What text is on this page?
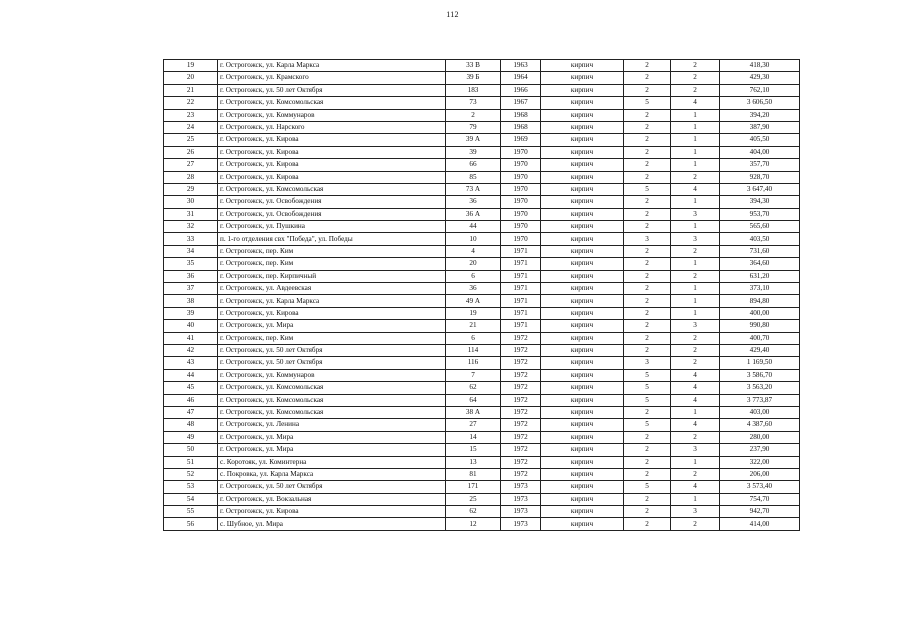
112
19	г. Острогожск, ул. Карла Маркса	33 В	1963	кирпич	2	2	418,30
20	г. Острогожск, ул. Крамского	39 Б	1964	кирпич	2	2	429,30
21	г. Острогожск, ул. 50 лет Октября	183	1966	кирпич	2	2	762,10
22	г. Острогожск, ул. Комсомольская	73	1967	кирпич	5	4	3 606,50
23	г. Острогожск, ул. Коммунаров	2	1968	кирпич	2	1	394,20
24	г. Острогожск, ул. Нарского	79	1968	кирпич	2	1	387,90
25	г. Острогожск, ул. Кирова	39 А	1969	кирпич	2	1	405,50
26	г. Острогожск, ул. Кирова	39	1970	кирпич	2	1	404,00
27	г. Острогожск, ул. Кирова	66	1970	кирпич	2	1	357,70
28	г. Острогожск, ул. Кирова	85	1970	кирпич	2	2	928,70
29	г. Острогожск, ул. Комсомольская	73 А	1970	кирпич	5	4	3 647,40
30	г. Острогожск, ул. Освобождения	36	1970	кирпич	2	1	394,30
31	г. Острогожск, ул. Освобождения	36 А	1970	кирпич	2	3	953,70
32	г. Острогожск, ул. Пушкина	44	1970	кирпич	2	1	565,60
33	п. 1-го отделения свх "Победа", ул. Победы	10	1970	кирпич	3	3	403,50
34	г. Острогожск, пер. Ким	4	1971	кирпич	2	2	731,60
35	г. Острогожск, пер. Ким	20	1971	кирпич	2	1	364,60
36	г. Острогожск, пер. Кирпичный	6	1971	кирпич	2	2	631,20
37	г. Острогожск, ул. Авдеевская	36	1971	кирпич	2	1	373,10
38	г. Острогожск, ул. Карла Маркса	49 А	1971	кирпич	2	1	894,80
39	г. Острогожск, ул. Кирова	19	1971	кирпич	2	1	400,00
40	г. Острогожск, ул. Мира	21	1971	кирпич	2	3	990,80
41	г. Острогожск, пер. Ким	6	1972	кирпич	2	2	400,70
42	г. Острогожск, ул. 50 лет Октября	114	1972	кирпич	2	2	429,40
43	г. Острогожск, ул. 50 лет Октября	116	1972	кирпич	3	2	1 169,50
44	г. Острогожск, ул. Коммунаров	7	1972	кирпич	5	4	3 586,70
45	г. Острогожск, ул. Комсомольская	62	1972	кирпич	5	4	3 563,20
46	г. Острогожск, ул. Комсомольская	64	1972	кирпич	5	4	3 773,87
47	г. Острогожск, ул. Комсомольская	38 А	1972	кирпич	2	1	403,00
48	г. Острогожск, ул. Ленина	27	1972	кирпич	5	4	4 387,60
49	г. Острогожск, ул. Мира	14	1972	кирпич	2	2	280,00
50	г. Острогожск, ул. Мира	15	1972	кирпич	2	3	237,90
51	с. Коротояк, ул. Коминтерна	13	1972	кирпич	2	1	322,00
52	с. Покровка, ул. Карла Маркса	81	1972	кирпич	2	2	206,00
53	г. Острогожск, ул. 50 лет Октября	171	1973	кирпич	5	4	3 573,40
54	г. Острогожск, ул. Вокзальная	25	1973	кирпич	2	1	754,70
55	г. Острогожск, ул. Кирова	62	1973	кирпич	2	3	942,70
56	с. Шубное, ул. Мира	12	1973	кирпич	2	2	414,00
